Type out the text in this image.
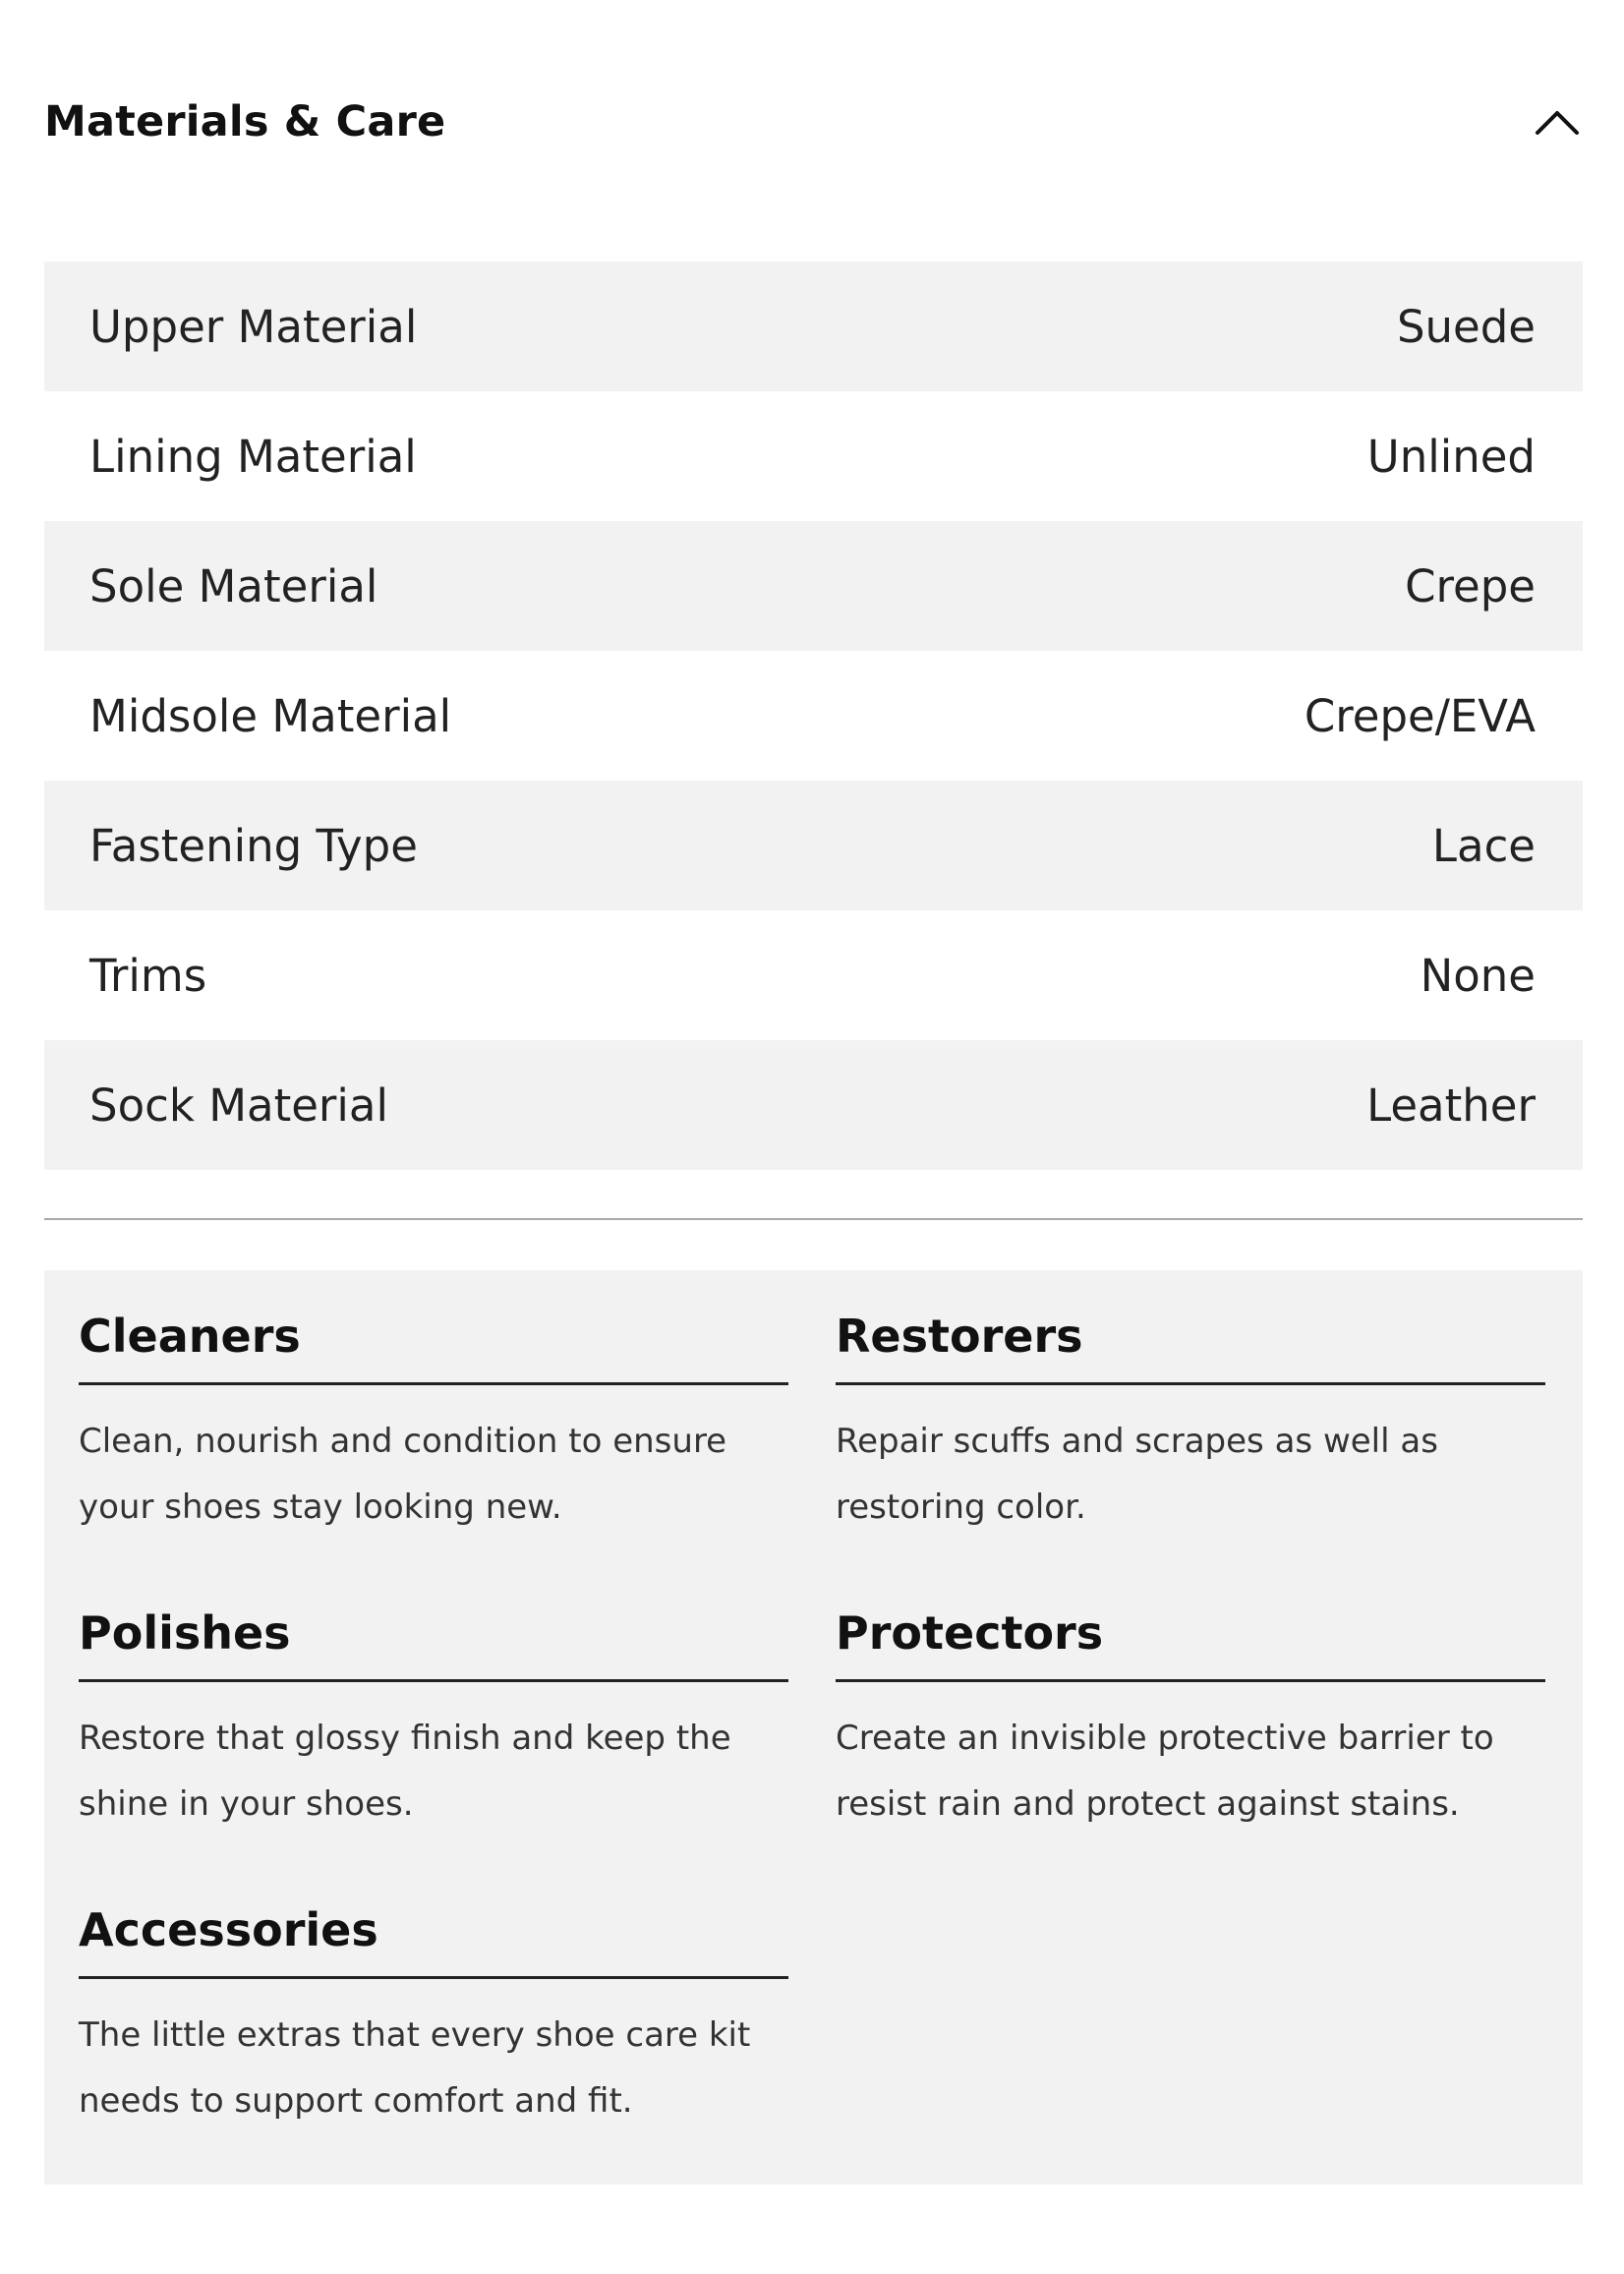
Materials & Care
Upper Material	Suede
Lining Material	Unlined
Sole Material	Crepe
Midsole Material	Crepe/EVA
Fastening Type	Lace
Trims	None
Sock Material	Leather
Cleaners
Clean, nourish and condition to ensure your shoes stay looking new.
Restorers
Repair scuffs and scrapes as well as restoring color.
Polishes
Restore that glossy finish and keep the shine in your shoes.
Protectors
Create an invisible protective barrier to resist rain and protect against stains.
Accessories
The little extras that every shoe care kit needs to support comfort and fit.
